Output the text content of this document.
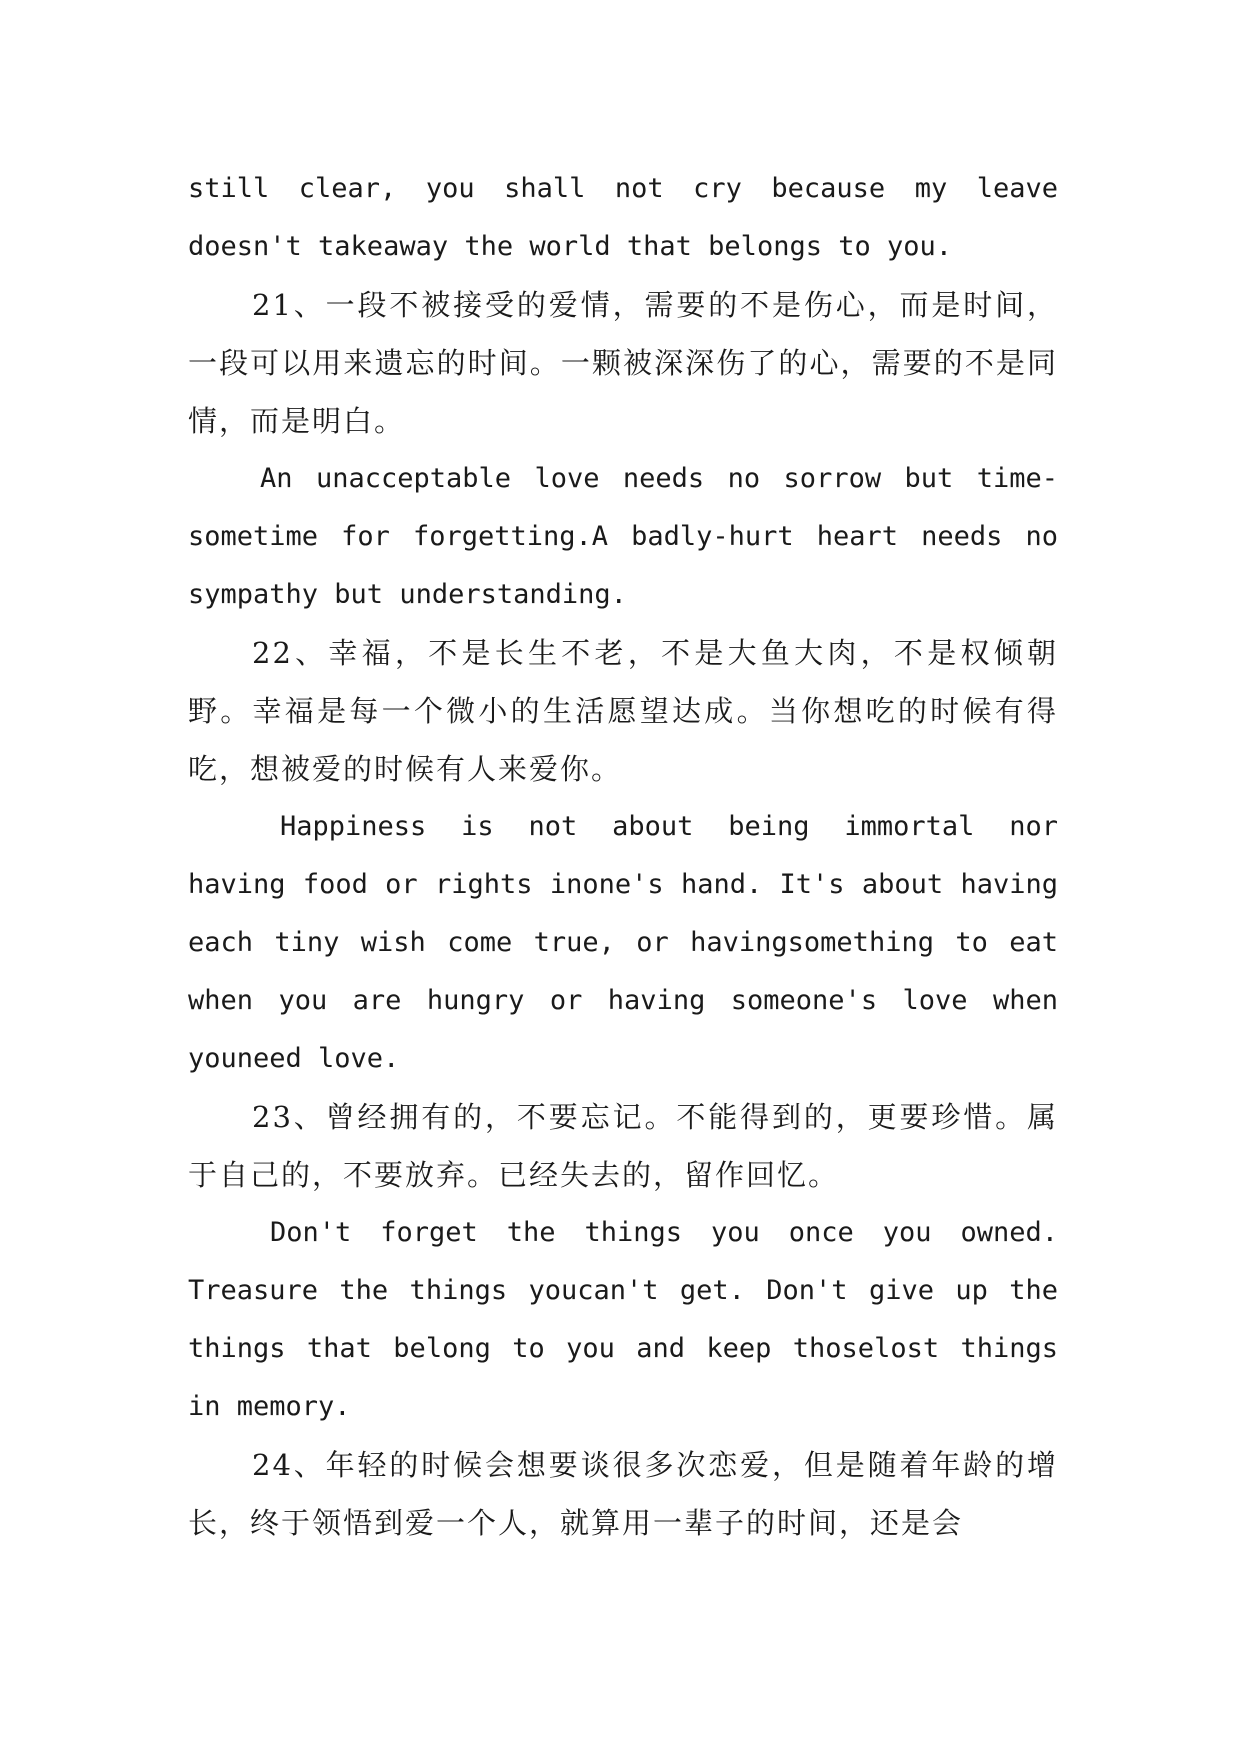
still clear, you shall not cry because my leave doesn't takeaway the world that belongs to you.

21、一段不被接受的爱情，需要的不是伤心，而是时间，一段可以用来遗忘的时间。一颗被深深伤了的心，需要的不是同情，而是明白。

An unacceptable love needs no sorrow but time-sometime for forgetting.A badly-hurt heart needs no sympathy but understanding.

22、幸福，不是长生不老，不是大鱼大肉，不是权倾朝野。幸福是每一个微小的生活愿望达成。当你想吃的时候有得吃，想被爱的时候有人来爱你。

Happiness is not about being immortal nor having food or rights inone's hand. It's about having each tiny wish come true, or havingsomething to eat when you are hungry or having someone's love when youneed love.

23、曾经拥有的，不要忘记。不能得到的，更要珍惜。属于自己的，不要放弃。已经失去的，留作回忆。

Don't forget the things you once you owned. Treasure the things youcan't get. Don't give up the things that belong to you and keep thoselost things in memory.

24、年轻的时候会想要谈很多次恋爱，但是随着年龄的增长，终于领悟到爱一个人，就算用一辈子的时间，还是会
